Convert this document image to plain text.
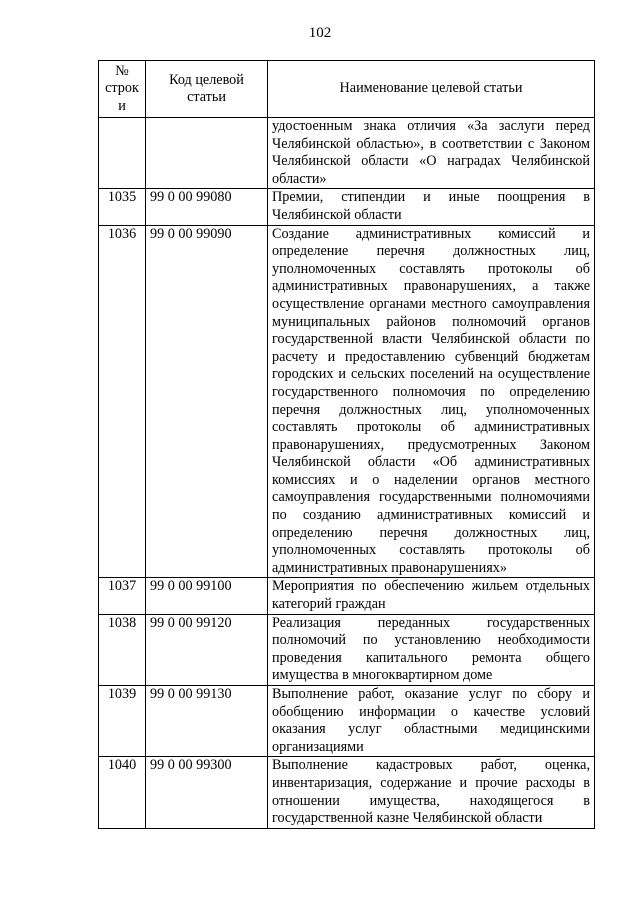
102
№ строк и	Код целевой статьи	Наименование целевой статьи
		удостоенным знака отличия «За заслуги перед Челябинской областью», в соответствии с Законом Челябинской области «О наградах Челябинской области»
1035	99 0 00 99080	Премии, стипендии и иные поощрения в Челябинской области
1036	99 0 00 99090	Создание административных комиссий и определение перечня должностных лиц, уполномоченных составлять протоколы об административных правонарушениях, а также осуществление органами местного самоуправления муниципальных районов полномочий органов государственной власти Челябинской области по расчету и предоставлению субвенций бюджетам городских и сельских поселений на осуществление государственного полномочия по определению перечня должностных лиц, уполномоченных составлять протоколы об административных правонарушениях, предусмотренных Законом Челябинской области «Об административных комиссиях и о наделении органов местного самоуправления государственными полномочиями по созданию административных комиссий и определению перечня должностных лиц, уполномоченных составлять протоколы об административных правонарушениях»
1037	99 0 00 99100	Мероприятия по обеспечению жильем отдельных категорий граждан
1038	99 0 00 99120	Реализация переданных государственных полномочий по установлению необходимости проведения капитального ремонта общего имущества в многоквартирном доме
1039	99 0 00 99130	Выполнение работ, оказание услуг по сбору и обобщению информации о качестве условий оказания услуг областными медицинскими организациями
1040	99 0 00 99300	Выполнение кадастровых работ, оценка, инвентаризация, содержание и прочие расходы в отношении имущества, находящегося в государственной казне Челябинской области
